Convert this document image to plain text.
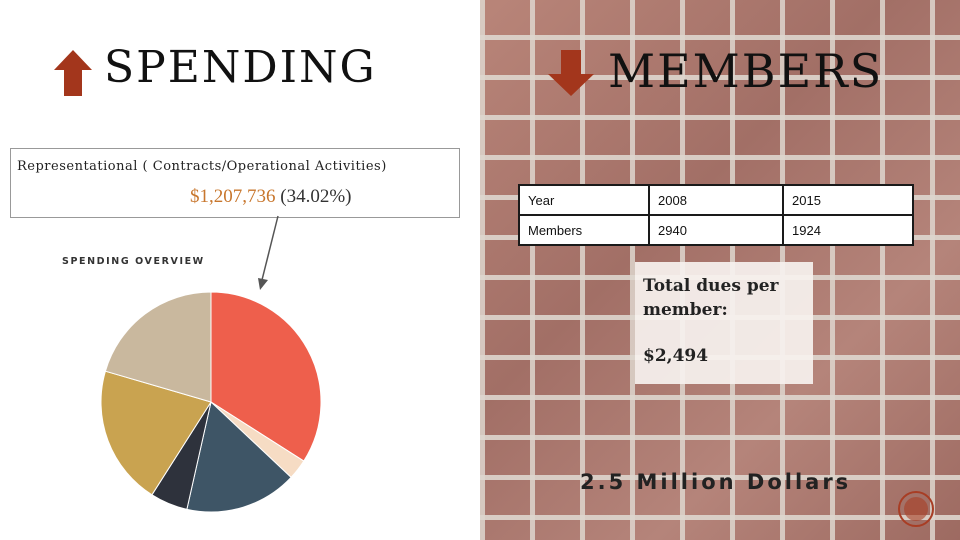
SPENDING	MEMBERS
Representational ( Contracts/Operational Activities)
$1,207,736 (34.02%)
SPENDING OVERVIEW
Year	2008	2015
Members	2940	1924
Total dues per member:
$2,494
2.5 Million Dollars
